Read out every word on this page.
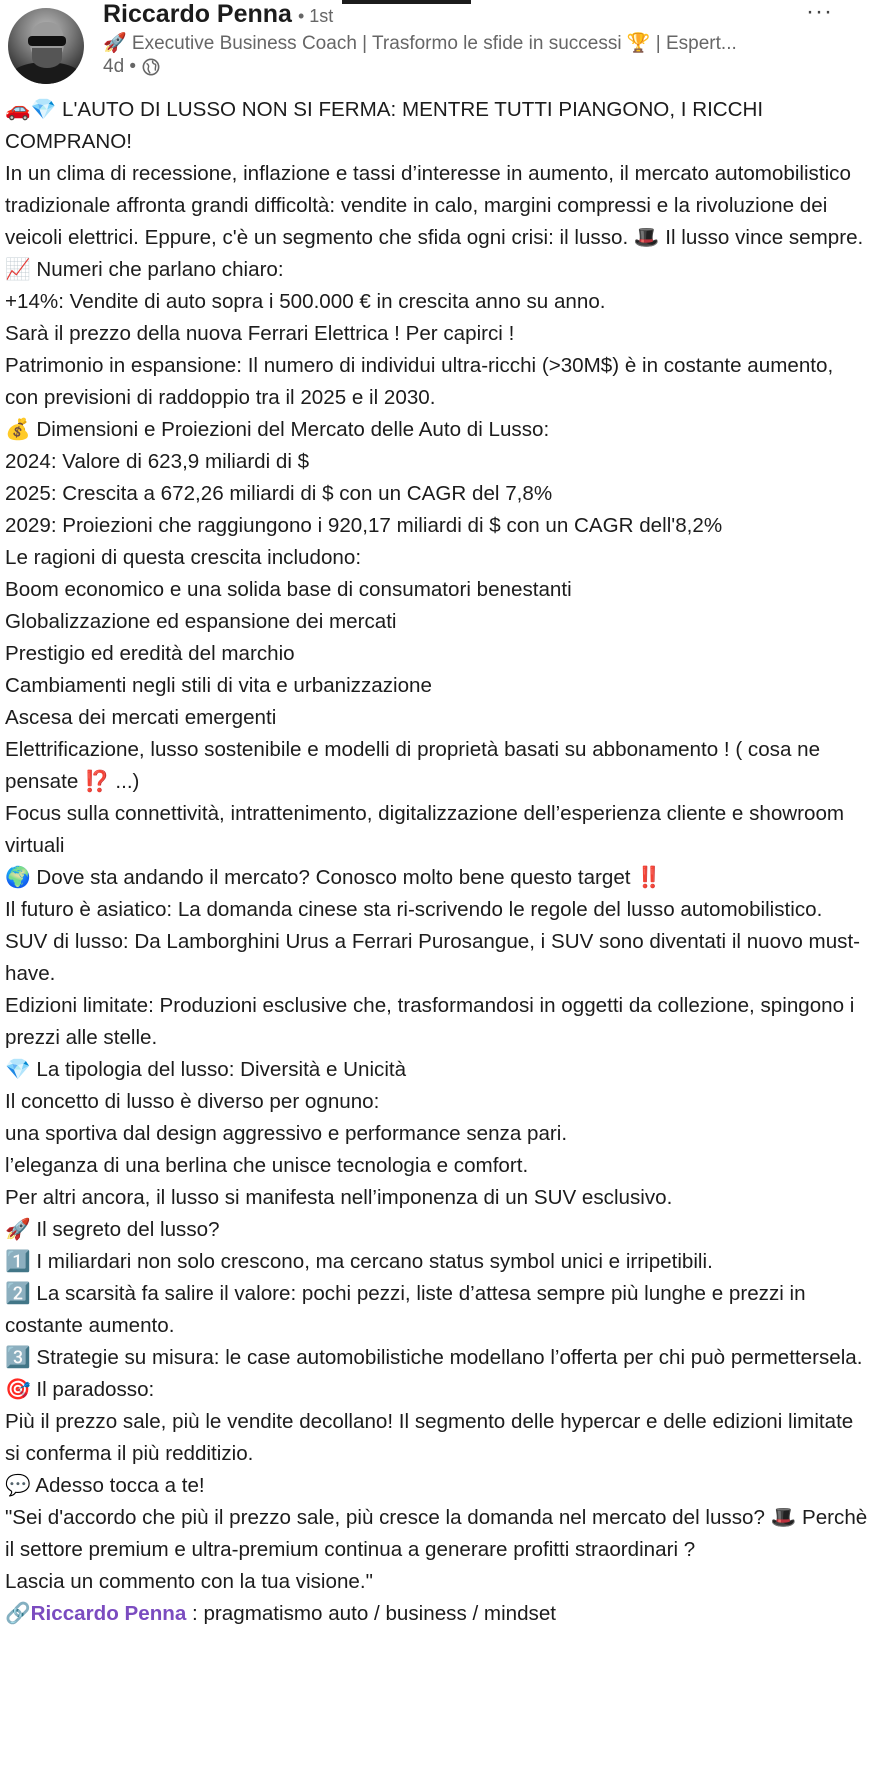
Riccardo Penna • 1st
🚀 Executive Business Coach | Trasformo le sfide in successi 🏆 | Espert...
4d •
···

🚗💎 L'AUTO DI LUSSO NON SI FERMA: MENTRE TUTTI PIANGONO, I RICCHI COMPRANO!

In un clima di recessione, inflazione e tassi d’interesse in aumento, il mercato automobilistico tradizionale affronta grandi difficoltà: vendite in calo, margini compressi e la rivoluzione dei veicoli elettrici. Eppure, c'è un segmento che sfida ogni crisi: il lusso. 🎩 Il lusso vince sempre.

📈 Numeri che parlano chiaro:

+14%: Vendite di auto sopra i 500.000 € in crescita anno su anno.

Sarà il prezzo della nuova Ferrari Elettrica ! Per capirci !

Patrimonio in espansione: Il numero di individui ultra-ricchi (>30M$) è in costante aumento, con previsioni di raddoppio tra il 2025 e il 2030.

💰 Dimensioni e Proiezioni del Mercato delle Auto di Lusso:

2024: Valore di 623,9 miliardi di $

2025: Crescita a 672,26 miliardi di $ con un CAGR del 7,8%

2029: Proiezioni che raggiungono i 920,17 miliardi di $ con un CAGR dell'8,2%

Le ragioni di questa crescita includono:

Boom economico e una solida base di consumatori benestanti

Globalizzazione ed espansione dei mercati

Prestigio ed eredità del marchio

Cambiamenti negli stili di vita e urbanizzazione

Ascesa dei mercati emergenti

Elettrificazione, lusso sostenibile e modelli di proprietà basati su abbonamento ! ( cosa ne pensate ⁉️ ...)

Focus sulla connettività, intrattenimento, digitalizzazione dell’esperienza cliente e showroom virtuali

🌍 Dove sta andando il mercato? Conosco molto bene questo target ‼️

Il futuro è asiatico: La domanda cinese sta ri-scrivendo le regole del lusso automobilistico.

SUV di lusso: Da Lamborghini Urus a Ferrari Purosangue, i SUV sono diventati il nuovo must-have.

Edizioni limitate: Produzioni esclusive che, trasformandosi in oggetti da collezione, spingono i prezzi alle stelle.

💎 La tipologia del lusso: Diversità e Unicità

Il concetto di lusso è diverso per ognuno:

una sportiva dal design aggressivo e performance senza pari.

l’eleganza di una berlina che unisce tecnologia e comfort.

Per altri ancora, il lusso si manifesta nell’imponenza di un SUV esclusivo.

🚀 Il segreto del lusso?

1️⃣ I miliardari non solo crescono, ma cercano status symbol unici e irripetibili.

2️⃣ La scarsità fa salire il valore: pochi pezzi, liste d’attesa sempre più lunghe e prezzi in costante aumento.

3️⃣ Strategie su misura: le case automobilistiche modellano l’offerta per chi può permettersela.

🎯 Il paradosso:

Più il prezzo sale, più le vendite decollano! Il segmento delle hypercar e delle edizioni limitate si conferma il più redditizio.

💬 Adesso tocca a te!

"Sei d'accordo che più il prezzo sale, più cresce la domanda nel mercato del lusso? 🎩 Perchè il settore premium e ultra-premium continua a generare profitti straordinari ?

Lascia un commento con la tua visione."

🔗Riccardo Penna : pragmatismo auto / business / mindset
